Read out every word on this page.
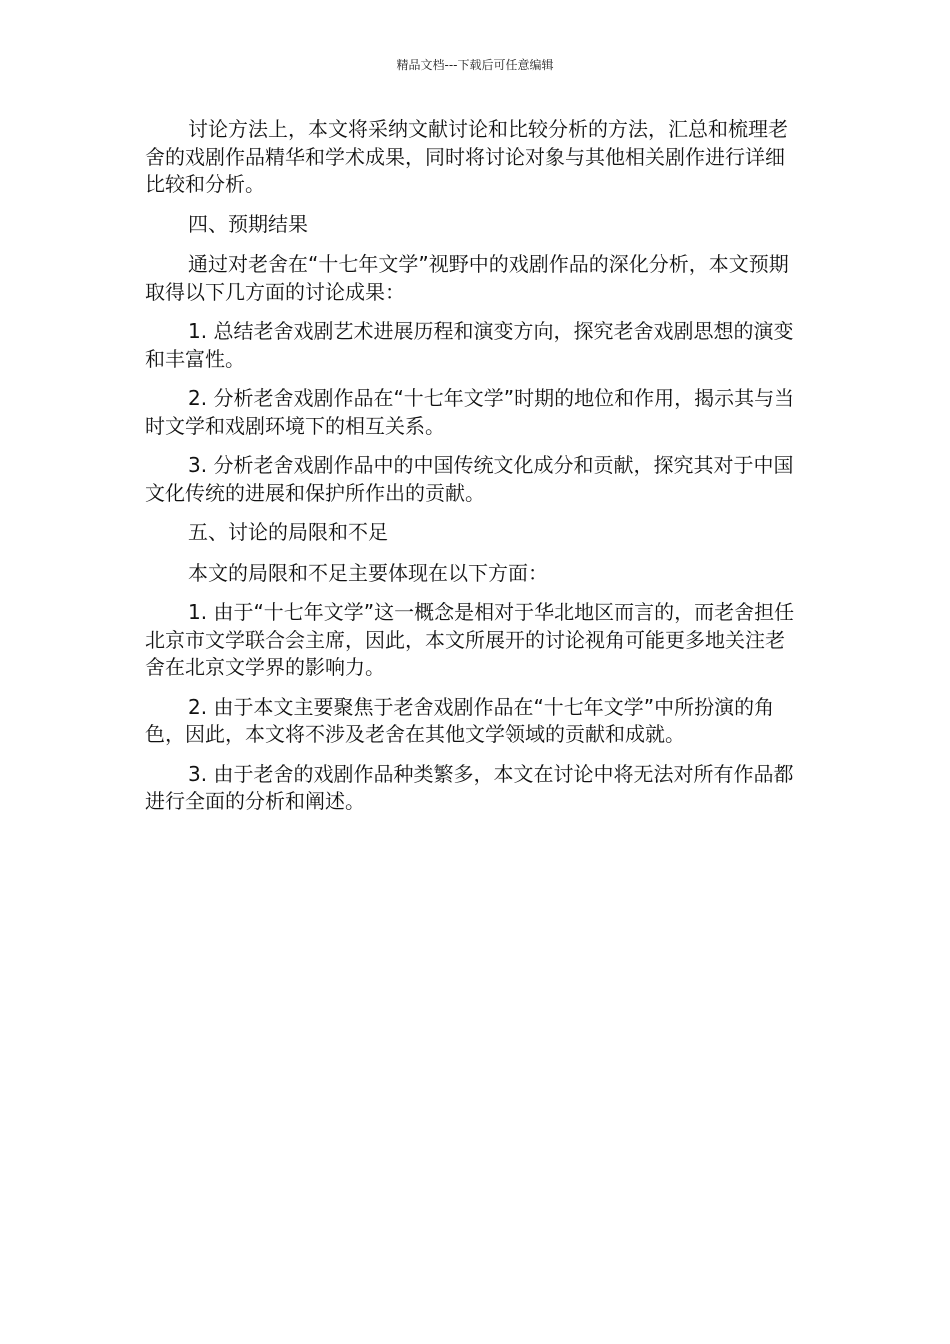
精品文档---下载后可任意编辑

讨论方法上，本文将采纳文献讨论和比较分析的方法，汇总和梳理老舍的戏剧作品精华和学术成果，同时将讨论对象与其他相关剧作进行详细比较和分析。

四、预期结果

通过对老舍在“十七年文学”视野中的戏剧作品的深化分析，本文预期取得以下几方面的讨论成果：

1. 总结老舍戏剧艺术进展历程和演变方向，探究老舍戏剧思想的演变和丰富性。

2. 分析老舍戏剧作品在“十七年文学”时期的地位和作用，揭示其与当时文学和戏剧环境下的相互关系。

3. 分析老舍戏剧作品中的中国传统文化成分和贡献，探究其对于中国文化传统的进展和保护所作出的贡献。

五、讨论的局限和不足

本文的局限和不足主要体现在以下方面：

1. 由于“十七年文学”这一概念是相对于华北地区而言的，而老舍担任北京市文学联合会主席，因此，本文所展开的讨论视角可能更多地关注老舍在北京文学界的影响力。

2. 由于本文主要聚焦于老舍戏剧作品在“十七年文学”中所扮演的角色，因此，本文将不涉及老舍在其他文学领域的贡献和成就。

3. 由于老舍的戏剧作品种类繁多，本文在讨论中将无法对所有作品都进行全面的分析和阐述。
